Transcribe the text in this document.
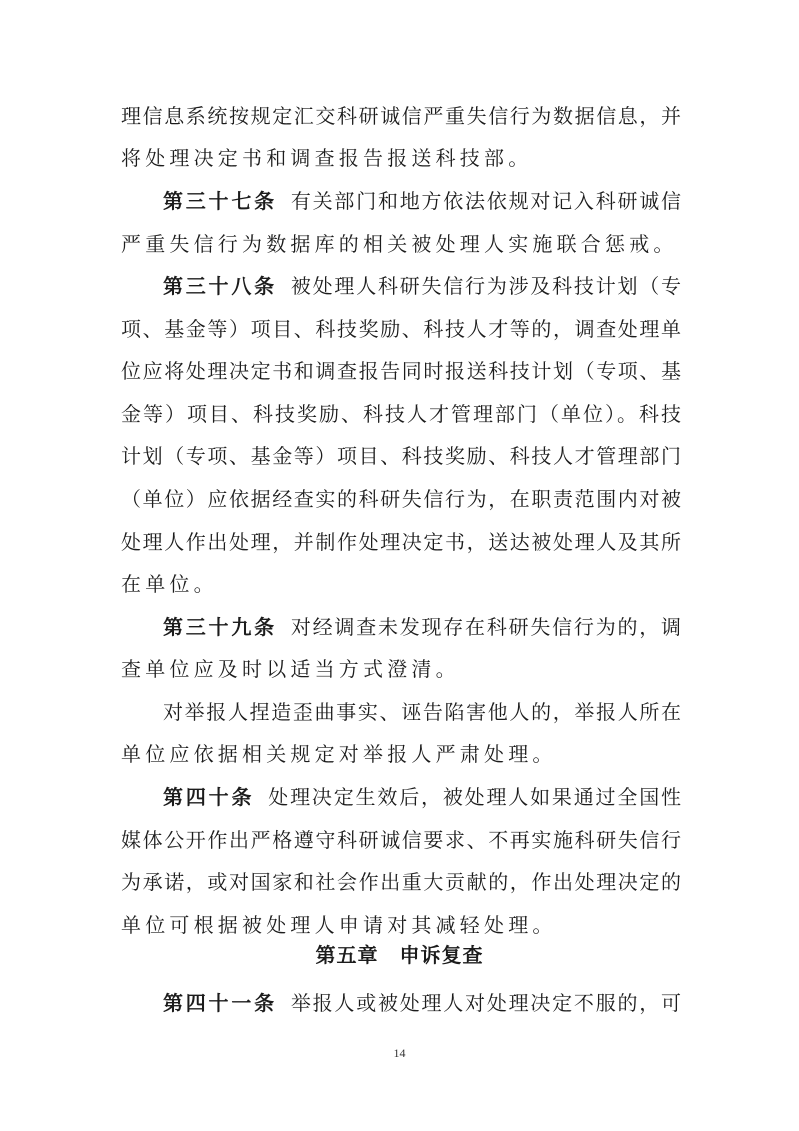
理信息系统按规定汇交科研诚信严重失信行为数据信息，并
将处理决定书和调查报告报送科技部。
第三十七条 有关部门和地方依法依规对记入科研诚信
严重失信行为数据库的相关被处理人实施联合惩戒。
第三十八条 被处理人科研失信行为涉及科技计划（专
项、基金等）项目、科技奖励、科技人才等的，调查处理单
位应将处理决定书和调查报告同时报送科技计划（专项、基
金等）项目、科技奖励、科技人才管理部门（单位）。科技
计划（专项、基金等）项目、科技奖励、科技人才管理部门
（单位）应依据经查实的科研失信行为，在职责范围内对被
处理人作出处理，并制作处理决定书，送达被处理人及其所
在单位。
第三十九条 对经调查未发现存在科研失信行为的，调
查单位应及时以适当方式澄清。
对举报人捏造歪曲事实、诬告陷害他人的，举报人所在
单位应依据相关规定对举报人严肃处理。
第四十条 处理决定生效后，被处理人如果通过全国性
媒体公开作出严格遵守科研诚信要求、不再实施科研失信行
为承诺，或对国家和社会作出重大贡献的，作出处理决定的
单位可根据被处理人申请对其减轻处理。
第五章　申诉复查
第四十一条 举报人或被处理人对处理决定不服的，可
14
